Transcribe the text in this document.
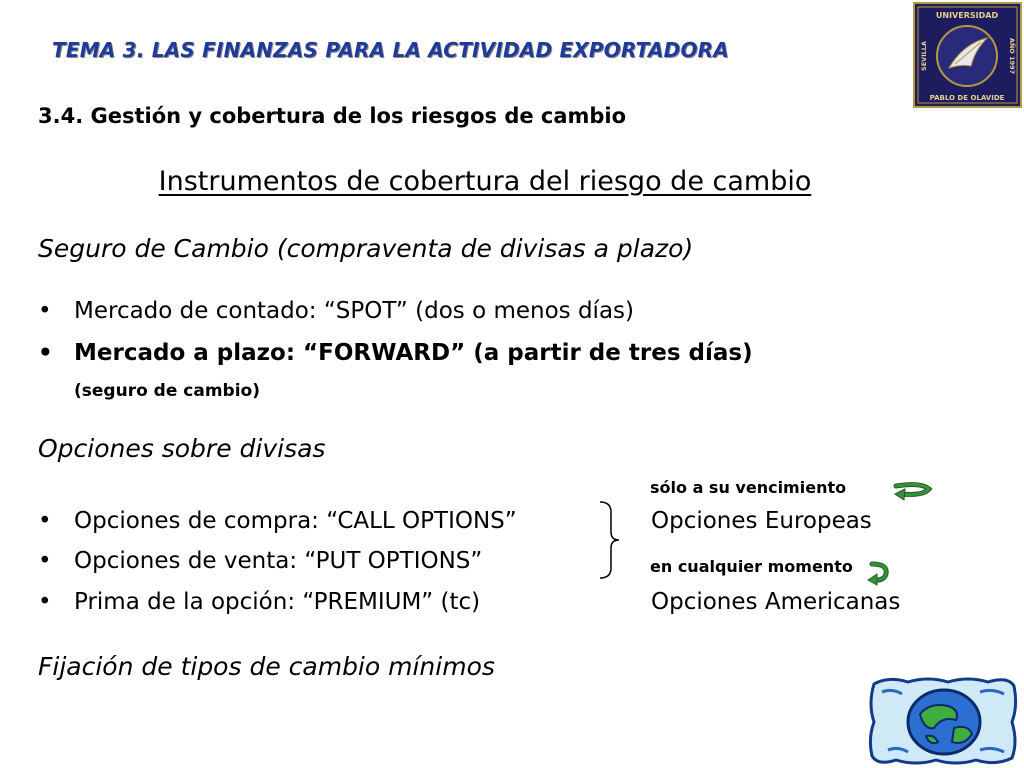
TEMA 3. LAS FINANZAS PARA LA ACTIVIDAD EXPORTADORA
3.4. Gestión y cobertura de los riesgos de cambio
Instrumentos de cobertura del riesgo de cambio
Seguro de Cambio (compraventa de divisas a plazo)
• Mercado de contado: “SPOT” (dos o menos días)
• Mercado a plazo: “FORWARD” (a partir de tres días)
(seguro de cambio)
Opciones sobre divisas
sólo a su vencimiento
• Opciones de compra: “CALL OPTIONS”	Opciones Europeas
• Opciones de venta: “PUT OPTIONS”	en cualquier momento
• Prima de la opción: “PREMIUM” (tc)	Opciones Americanas
Fijación de tipos de cambio mínimos
UNIVERSIDAD
PABLO DE OLAVIDE
SEVILLA	AÑO 1997
